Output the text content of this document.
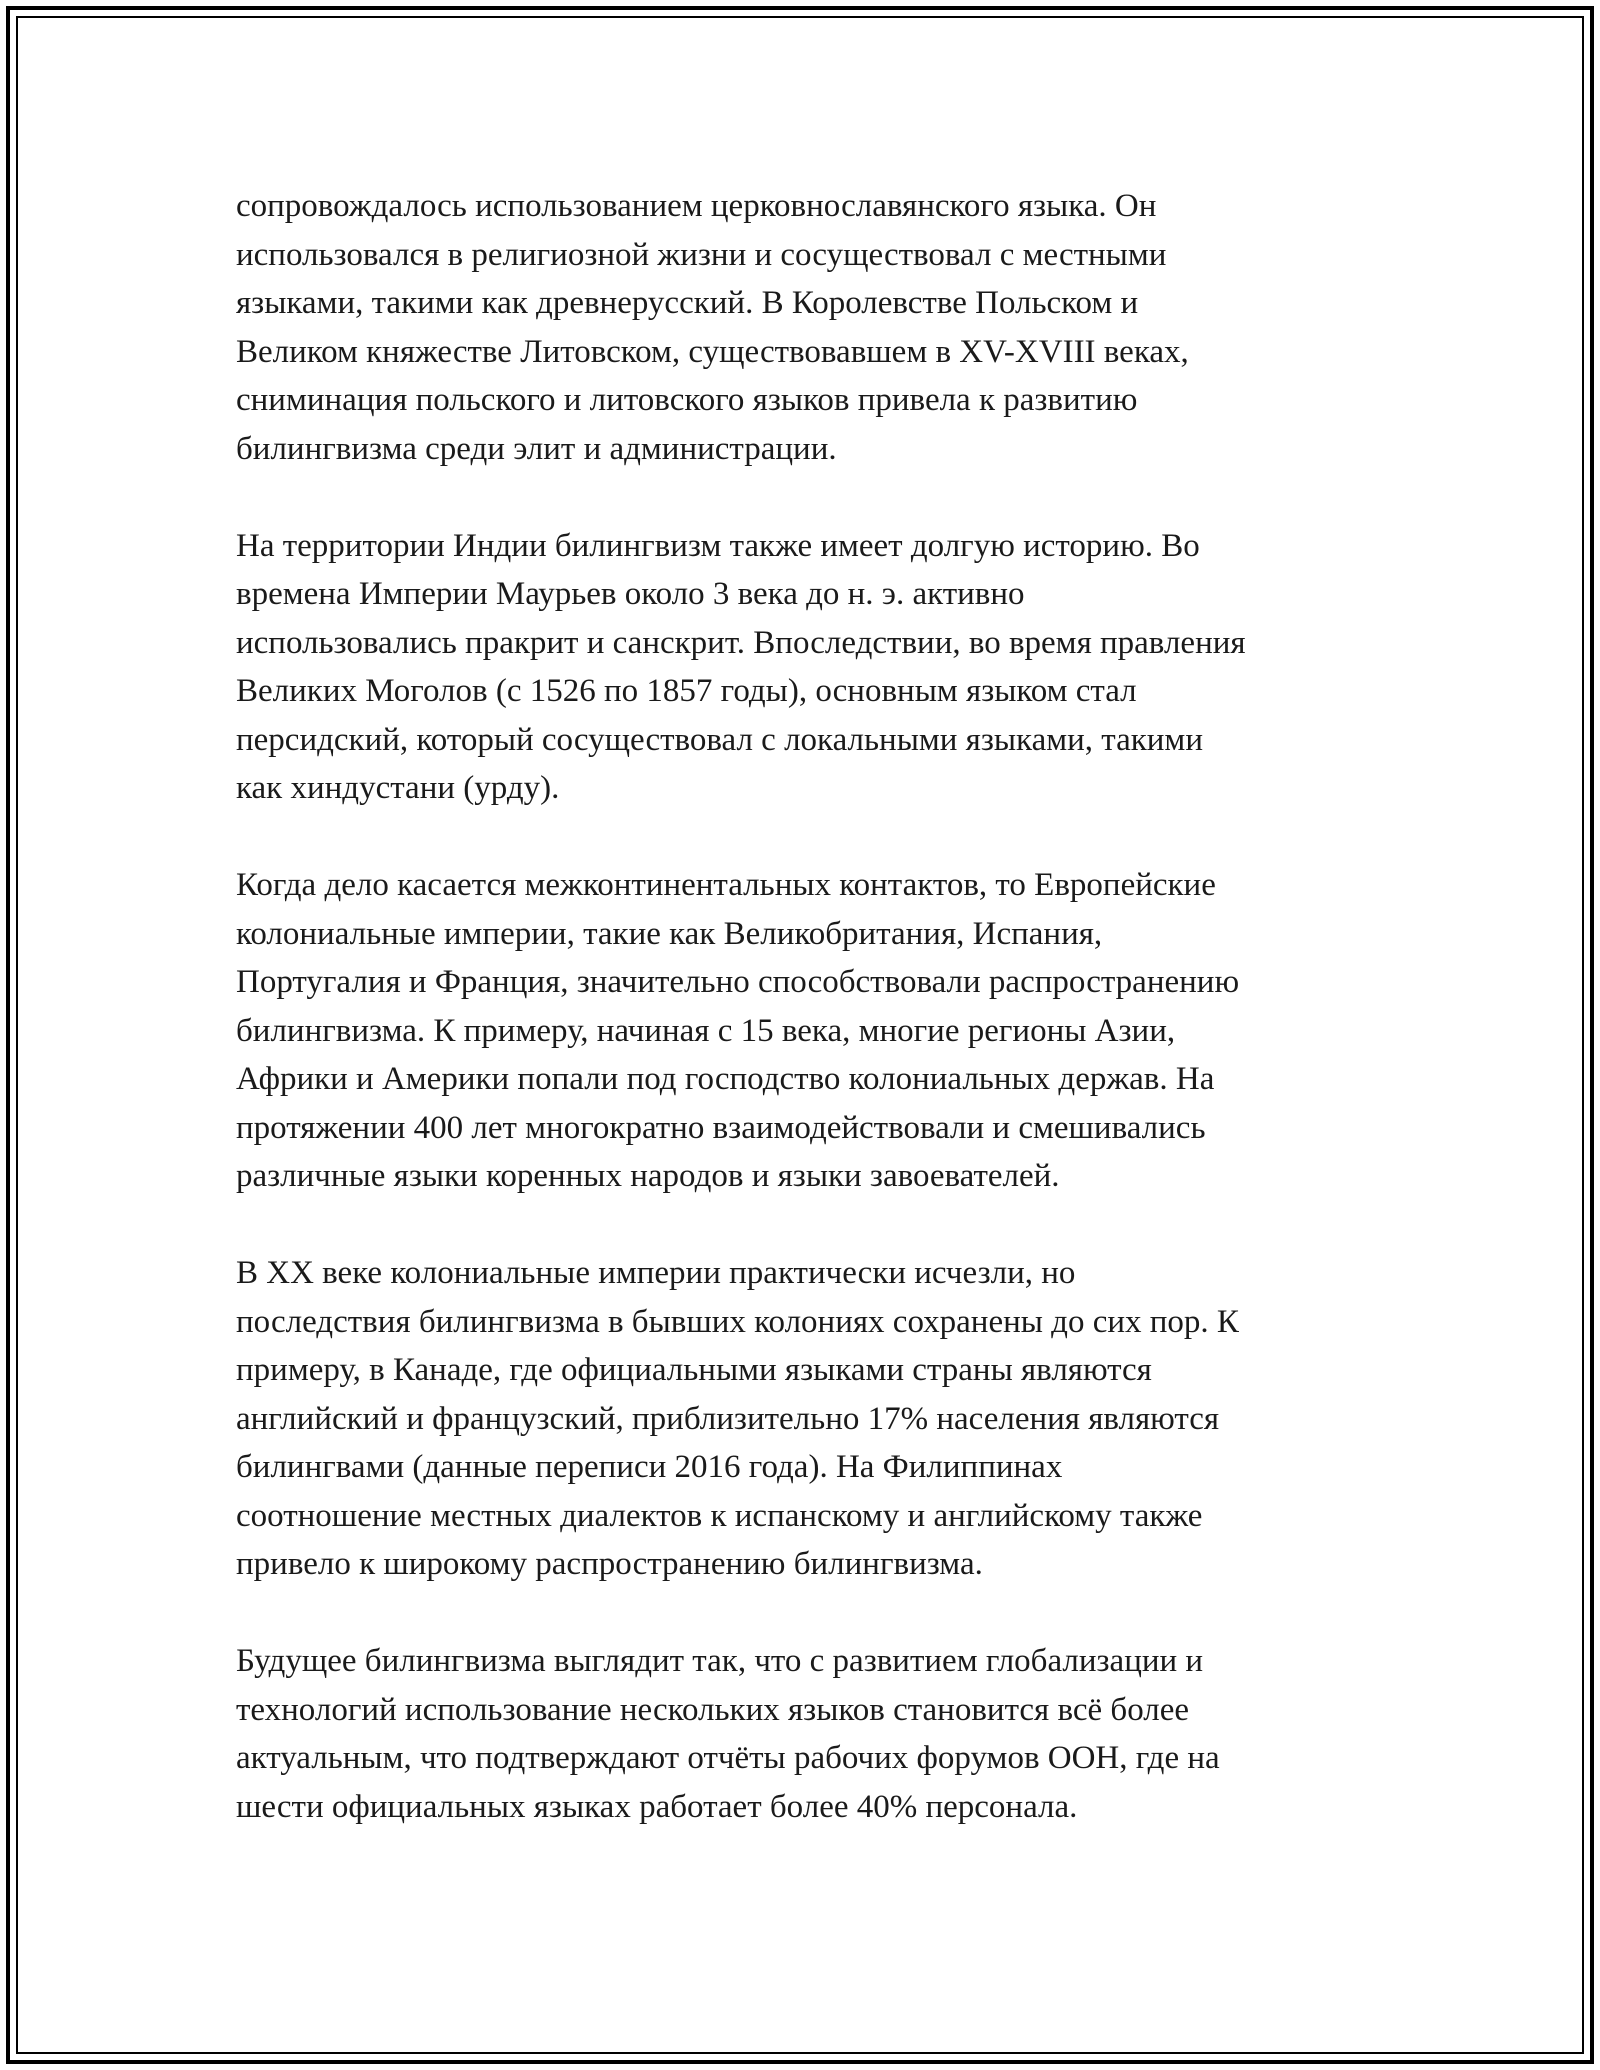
сопровождалось использованием церковнославянского языка. Он
использовался в религиозной жизни и сосуществовал с местными
языками, такими как древнерусский. В Королевстве Польском и
Великом княжестве Литовском, существовавшем в XV-XVIII веках,
сниминация польского и литовского языков привела к развитию
билингвизма среди элит и администрации.

На территории Индии билингвизм также имеет долгую историю. Во
времена Империи Маурьев около 3 века до н. э. активно
использовались пракрит и санскрит. Впоследствии, во время правления
Великих Моголов (с 1526 по 1857 годы), основным языком стал
персидский, который сосуществовал с локальными языками, такими
как хиндустани (урду).

Когда дело касается межконтинентальных контактов, то Европейские
колониальные империи, такие как Великобритания, Испания,
Португалия и Франция, значительно способствовали распространению
билингвизма. К примеру, начиная с 15 века, многие регионы Азии,
Африки и Америки попали под господство колониальных держав. На
протяжении 400 лет многократно взаимодействовали и смешивались
различные языки коренных народов и языки завоевателей.

В XX веке колониальные империи практически исчезли, но
последствия билингвизма в бывших колониях сохранены до сих пор. К
примеру, в Канаде, где официальными языками страны являются
английский и французский, приблизительно 17% населения являются
билингвами (данные переписи 2016 года). На Филиппинах
соотношение местных диалектов к испанскому и английскому также
привело к широкому распространению билингвизма.

Будущее билингвизма выглядит так, что с развитием глобализации и
технологий использование нескольких языков становится всё более
актуальным, что подтверждают отчёты рабочих форумов ООН, где на
шести официальных языках работает более 40% персонала.
